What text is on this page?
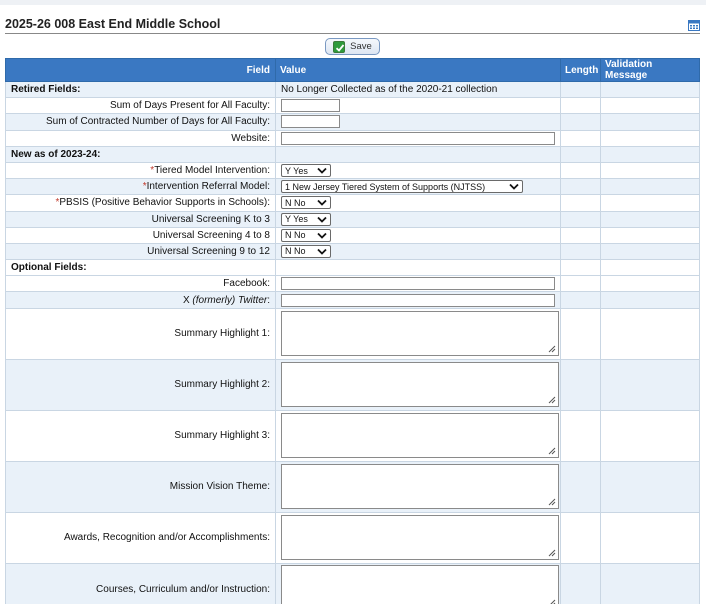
2025-26 008 East End Middle School
Save
Field	Value	Length	Validation Message
Retired Fields:	No Longer Collected as of the 2020-21 collection		
Sum of Days Present for All Faculty:			
Sum of Contracted Number of Days for All Faculty:			
Website:			
New as of 2023-24:			
*Tiered Model Intervention:	Y Yes		

*Intervention Referral Model:	1 New Jersey Tiered System of Supports (NJTSS)		

*PBSIS (Positive Behavior Supports in Schools):	N No		

Universal Screening K to 3	Y Yes		

Universal Screening 4 to 8	N No		

Universal Screening 9 to 12	N No		

Optional Fields:			
Facebook:			
X (formerly) Twitter:			
Summary Highlight 1:	

Summary Highlight 2:	

Summary Highlight 3:	

Mission Vision Theme:	

Awards, Recognition and/or Accomplishments:	

Courses, Curriculum and/or Instruction:	
